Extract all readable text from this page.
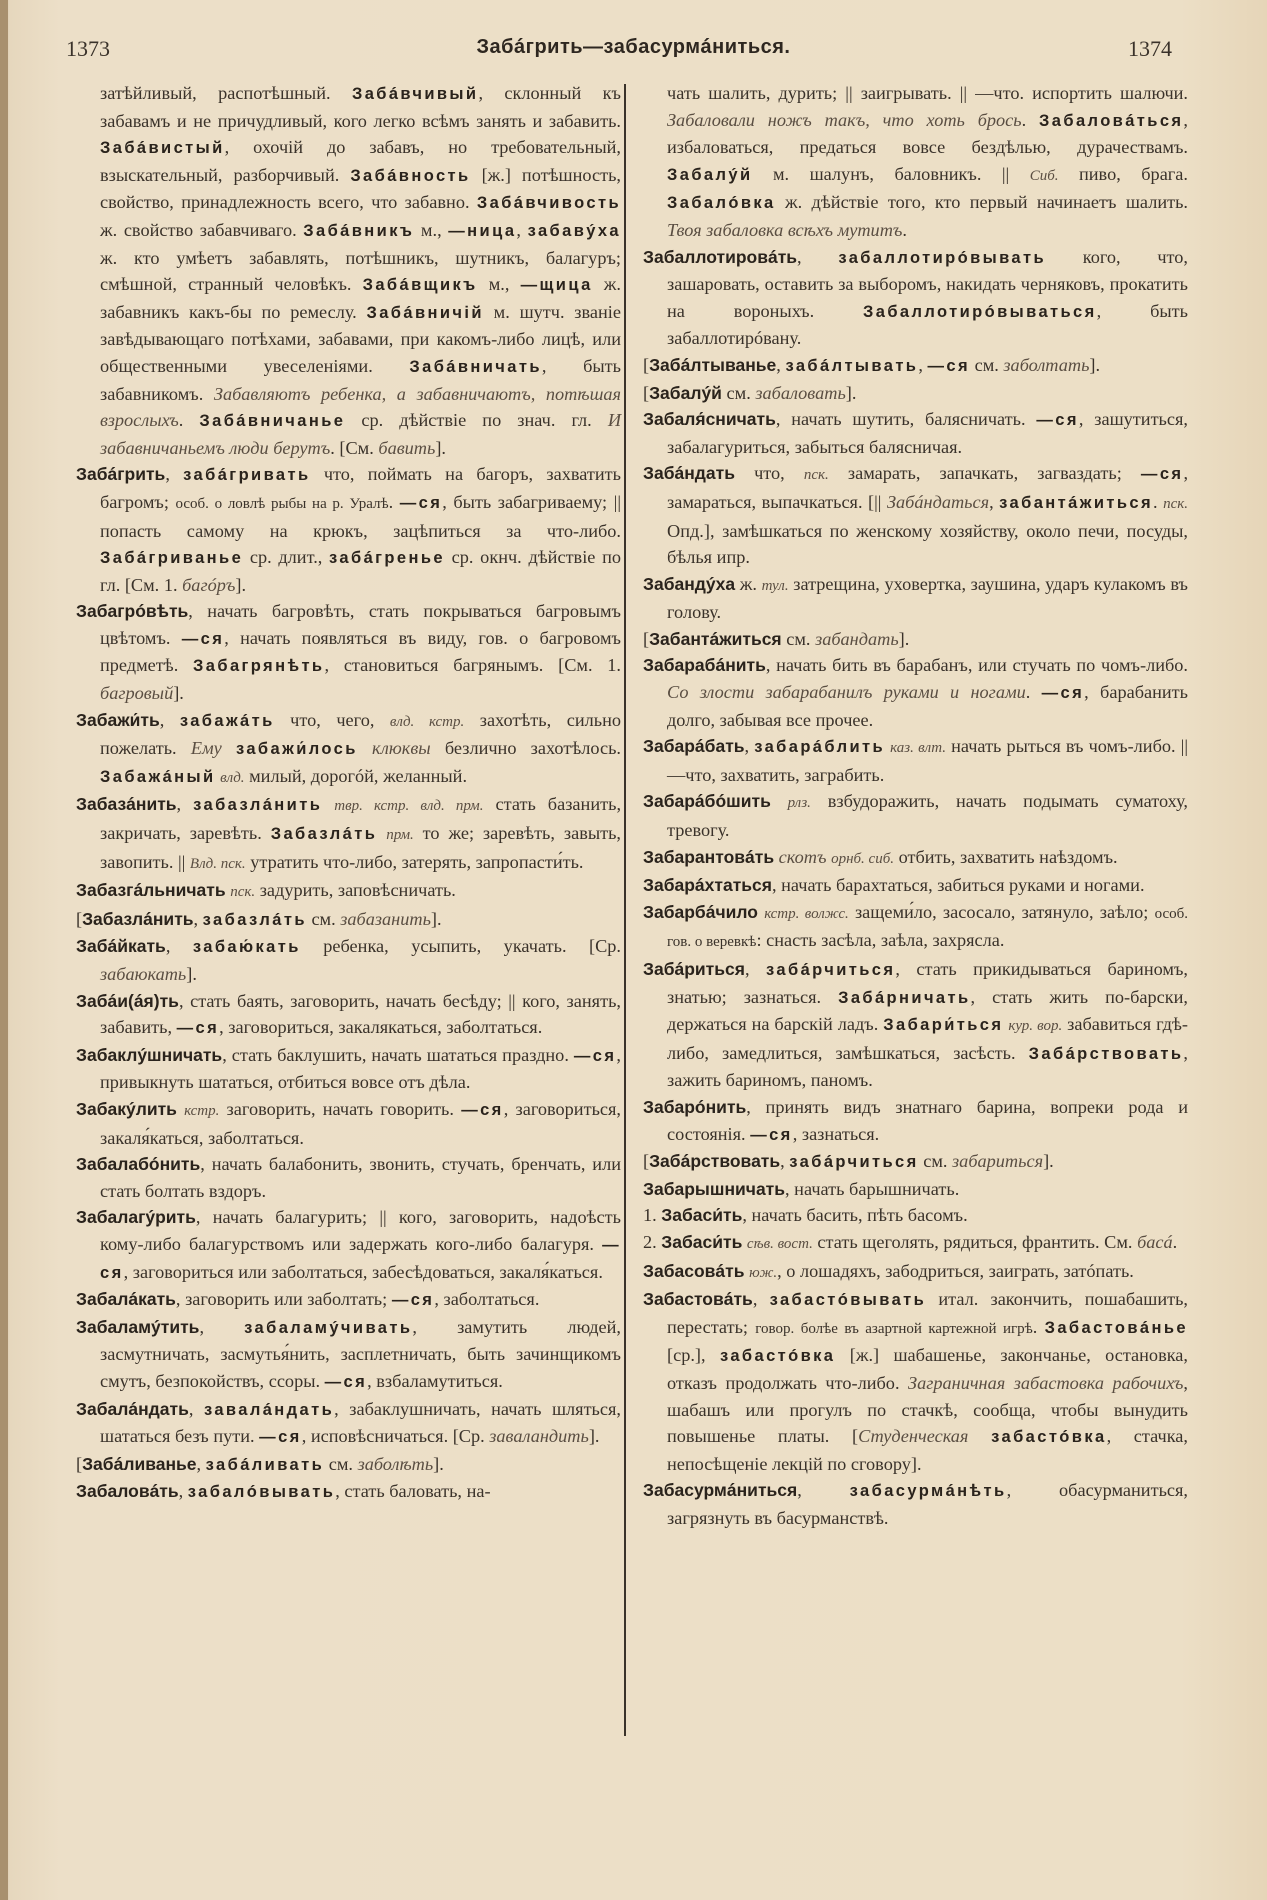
1373	Забáгрить—забасурмáниться.	1374

затѣйливый, распотѣшный. Забáвчивый, склонный къ забавамъ и не причудливый, кого легко всѣмъ занять и забавить. Забáвистый, охочій до забавъ, но требовательный, взыскательный, разборчивый. Забáвность [ж.] потѣшность, свойство, принадлежность всего, что забавно. Забáвчивость ж. свойство забавчиваго. Забáвникъ м., —ница, забавýха ж. кто умѣетъ забавлять, потѣшникъ, шутникъ, балагуръ; смѣшной, странный человѣкъ. Забáвщикъ м., —щица ж. забавникъ какъ-бы по ремеслу. Забáвничій м. шутч. званіе завѣдывающаго потѣхами, забавами, при какомъ-либо лицѣ, или общественными увеселеніями. Забáвничать, быть забавникомъ. Забавляютъ ребенка, а забавничаютъ, потѣшая взрослыхъ. Забáвничанье ср. дѣйствіе по знач. гл. И забавничаньемъ люди берутъ. [См. бавить].

Забáгрить, забáгривать что, поймать на багоръ, захватить багромъ; особ. о ловлѣ рыбы на р. Уралѣ. —ся, быть забагриваему; || попасть самому на крюкъ, зацѣпиться за что-либо. Забáгриванье ср. длит., забáгренье ср. окнч. дѣйствіе по гл. [См. 1. багóръ].

Забагрóвѣть, начать багровѣть, стать покрываться багровымъ цвѣтомъ. —ся, начать появляться въ виду, гов. о багровомъ предметѣ. Забагрянѣть, становиться багрянымъ. [См. 1. багровый].

Забажи́ть, забажáть что, чего, влд. кстр. захотѣть, сильно пожелать. Ему забажи́лось клюквы безлично захотѣлось. Забажáный влд. милый, дорогóй, желанный.

Забазáнить, забазлáнить твр. кстр. влд. прм. стать базанить, закричать, заревѣть. Забазлáть прм. то же; заревѣть, завыть, завопить. || Влд. пск. утратить что-либо, затерять, запропасти́ть.

Забазгáльничать пск. задурить, заповѣсничать.

[Забазлáнить, забазлáть см. забазанить].

Забáйкать, забаю́кать ребенка, усыпить, укачать. [Ср. забаюкать].

Забáи(áя)ть, стать баять, заговорить, начать бесѣду; || кого, занять, забавить, —ся, заговориться, закалякаться, заболтаться.

Забаклýшничать, стать баклушить, начать шататься праздно. —ся, привыкнуть шататься, отбиться вовсе отъ дѣла.

Забакýлить кстр. заговорить, начать говорить. —ся, заговориться, закаля́каться, заболтаться.

Забалабóнить, начать балабонить, звонить, стучать, бренчать, или стать болтать вздоръ.

Забалагýрить, начать балагурить; || кого, заговорить, надоѣсть кому-либо балагурствомъ или задержать кого-либо балагуря. —ся, заговориться или заболтаться, забесѣдоваться, закаля́каться.

Забалáкать, заговорить или заболтать; —ся, заболтаться.

Забаламýтить, забаламýчивать, замутить людей, засмутничать, засмутья́нить, засплетничать, быть зачинщикомъ смутъ, безпокойствъ, ссоры. —ся, взбаламутиться.

Забалáндать, завалáндать, забаклушничать, начать шляться, шататься безъ пути. —ся, исповѣсничаться. [Ср. заваландить].

[Забáливанье, забáливать см. заболѣть].

Забаловáть, забалóвывать, стать баловать, на-

чать шалить, дурить; || заигрывать. || —что. испортить шалючи. Забаловали ножъ такъ, что хоть брось. Забаловáться, избаловаться, предаться вовсе бездѣлью, дурачествамъ. Забалýй м. шалунъ, баловникъ. || Сиб. пиво, брага. Забалóвка ж. дѣйствіе того, кто первый начинаетъ шалить. Твоя забаловка всѣхъ мутитъ.

Забаллотировáть, забаллотирóвывать кого, что, зашаровать, оставить за выборомъ, накидать черняковъ, прокатить на вороныхъ. Забаллотирóвываться, быть забаллотирóвану.

[Забáлтыванье, забáлтывать, —ся см. заболтать].

[Забалýй см. забаловать].

Забаля́сничать, начать шутить, балясничать. —ся, зашутиться, забалагуриться, забыться балясничая.

Забáндать что, пск. замарать, запачкать, загваздать; —ся, замараться, выпачкаться. [|| Забáндаться, забантáжиться. пск. Опд.], замѣшкаться по женскому хозяйству, около печи, посуды, бѣлья ипр.

Забандýха ж. тул. затрещина, уховертка, заушина, ударъ кулакомъ въ голову.

[Забантáжиться см. забандать].

Забарабáнить, начать бить въ барабанъ, или стучать по чомъ-либо. Со злости забарабанилъ руками и ногами. —ся, барабанить долго, забывая все прочее.

Забарáбать, забарáблить каз. влт. начать рыться въ чомъ-либо. || —что, захватить, заграбить.

Забарáбóшить рлз. взбудоражить, начать подымать суматоху, тревогу.

Забарантовáть скотъ орнб. сиб. отбить, захватить наѣздомъ.

Забарáхтаться, начать барахтаться, забиться руками и ногами.

Забарбáчило кстр. волжс. защеми́ло, засосало, затянуло, заѣло; особ. гов. о веревкѣ: снасть засѣла, заѣла, захрясла.

Забáриться, забáрчиться, стать прикидываться бариномъ, знатью; зазнаться. Забáрничать, стать жить по-барски, держаться на барскій ладъ. Забари́ться кур. вор. забавиться гдѣ-либо, замедлиться, замѣшкаться, засѣсть. Забáрствовать, зажить бариномъ, паномъ.

Забарóнить, принять видъ знатнаго барина, вопреки рода и состоянія. —ся, зазнаться.

[Забáрствовать, забáрчиться см. забариться].

Забарышничать, начать барышничать.

1. Забаси́ть, начать басить, пѣть басомъ.

2. Забаси́ть сѣв. вост. стать щеголять, рядиться, франтить. См. басá.

Забасовáть юж., о лошадяхъ, забодриться, заиграть, затóпать.

Забастовáть, забастóвывать итал. закончить, пошабашить, перестать; говор. болѣе въ азартной картежной игрѣ. Забастовáнье [ср.], забастóвка [ж.] шабашенье, закончанье, остановка, отказъ продолжать что-либо. Заграничная забастовка рабочихъ, шабашъ или прогулъ по стачкѣ, сообща, чтобы вынудить повышенье платы. [Студенческая забастóвка, стачка, непосѣщеніе лекцій по сговору].

Забасурмáниться, забасурмáнѣть, обасурманиться, загрязнуть въ басурманствѣ.
